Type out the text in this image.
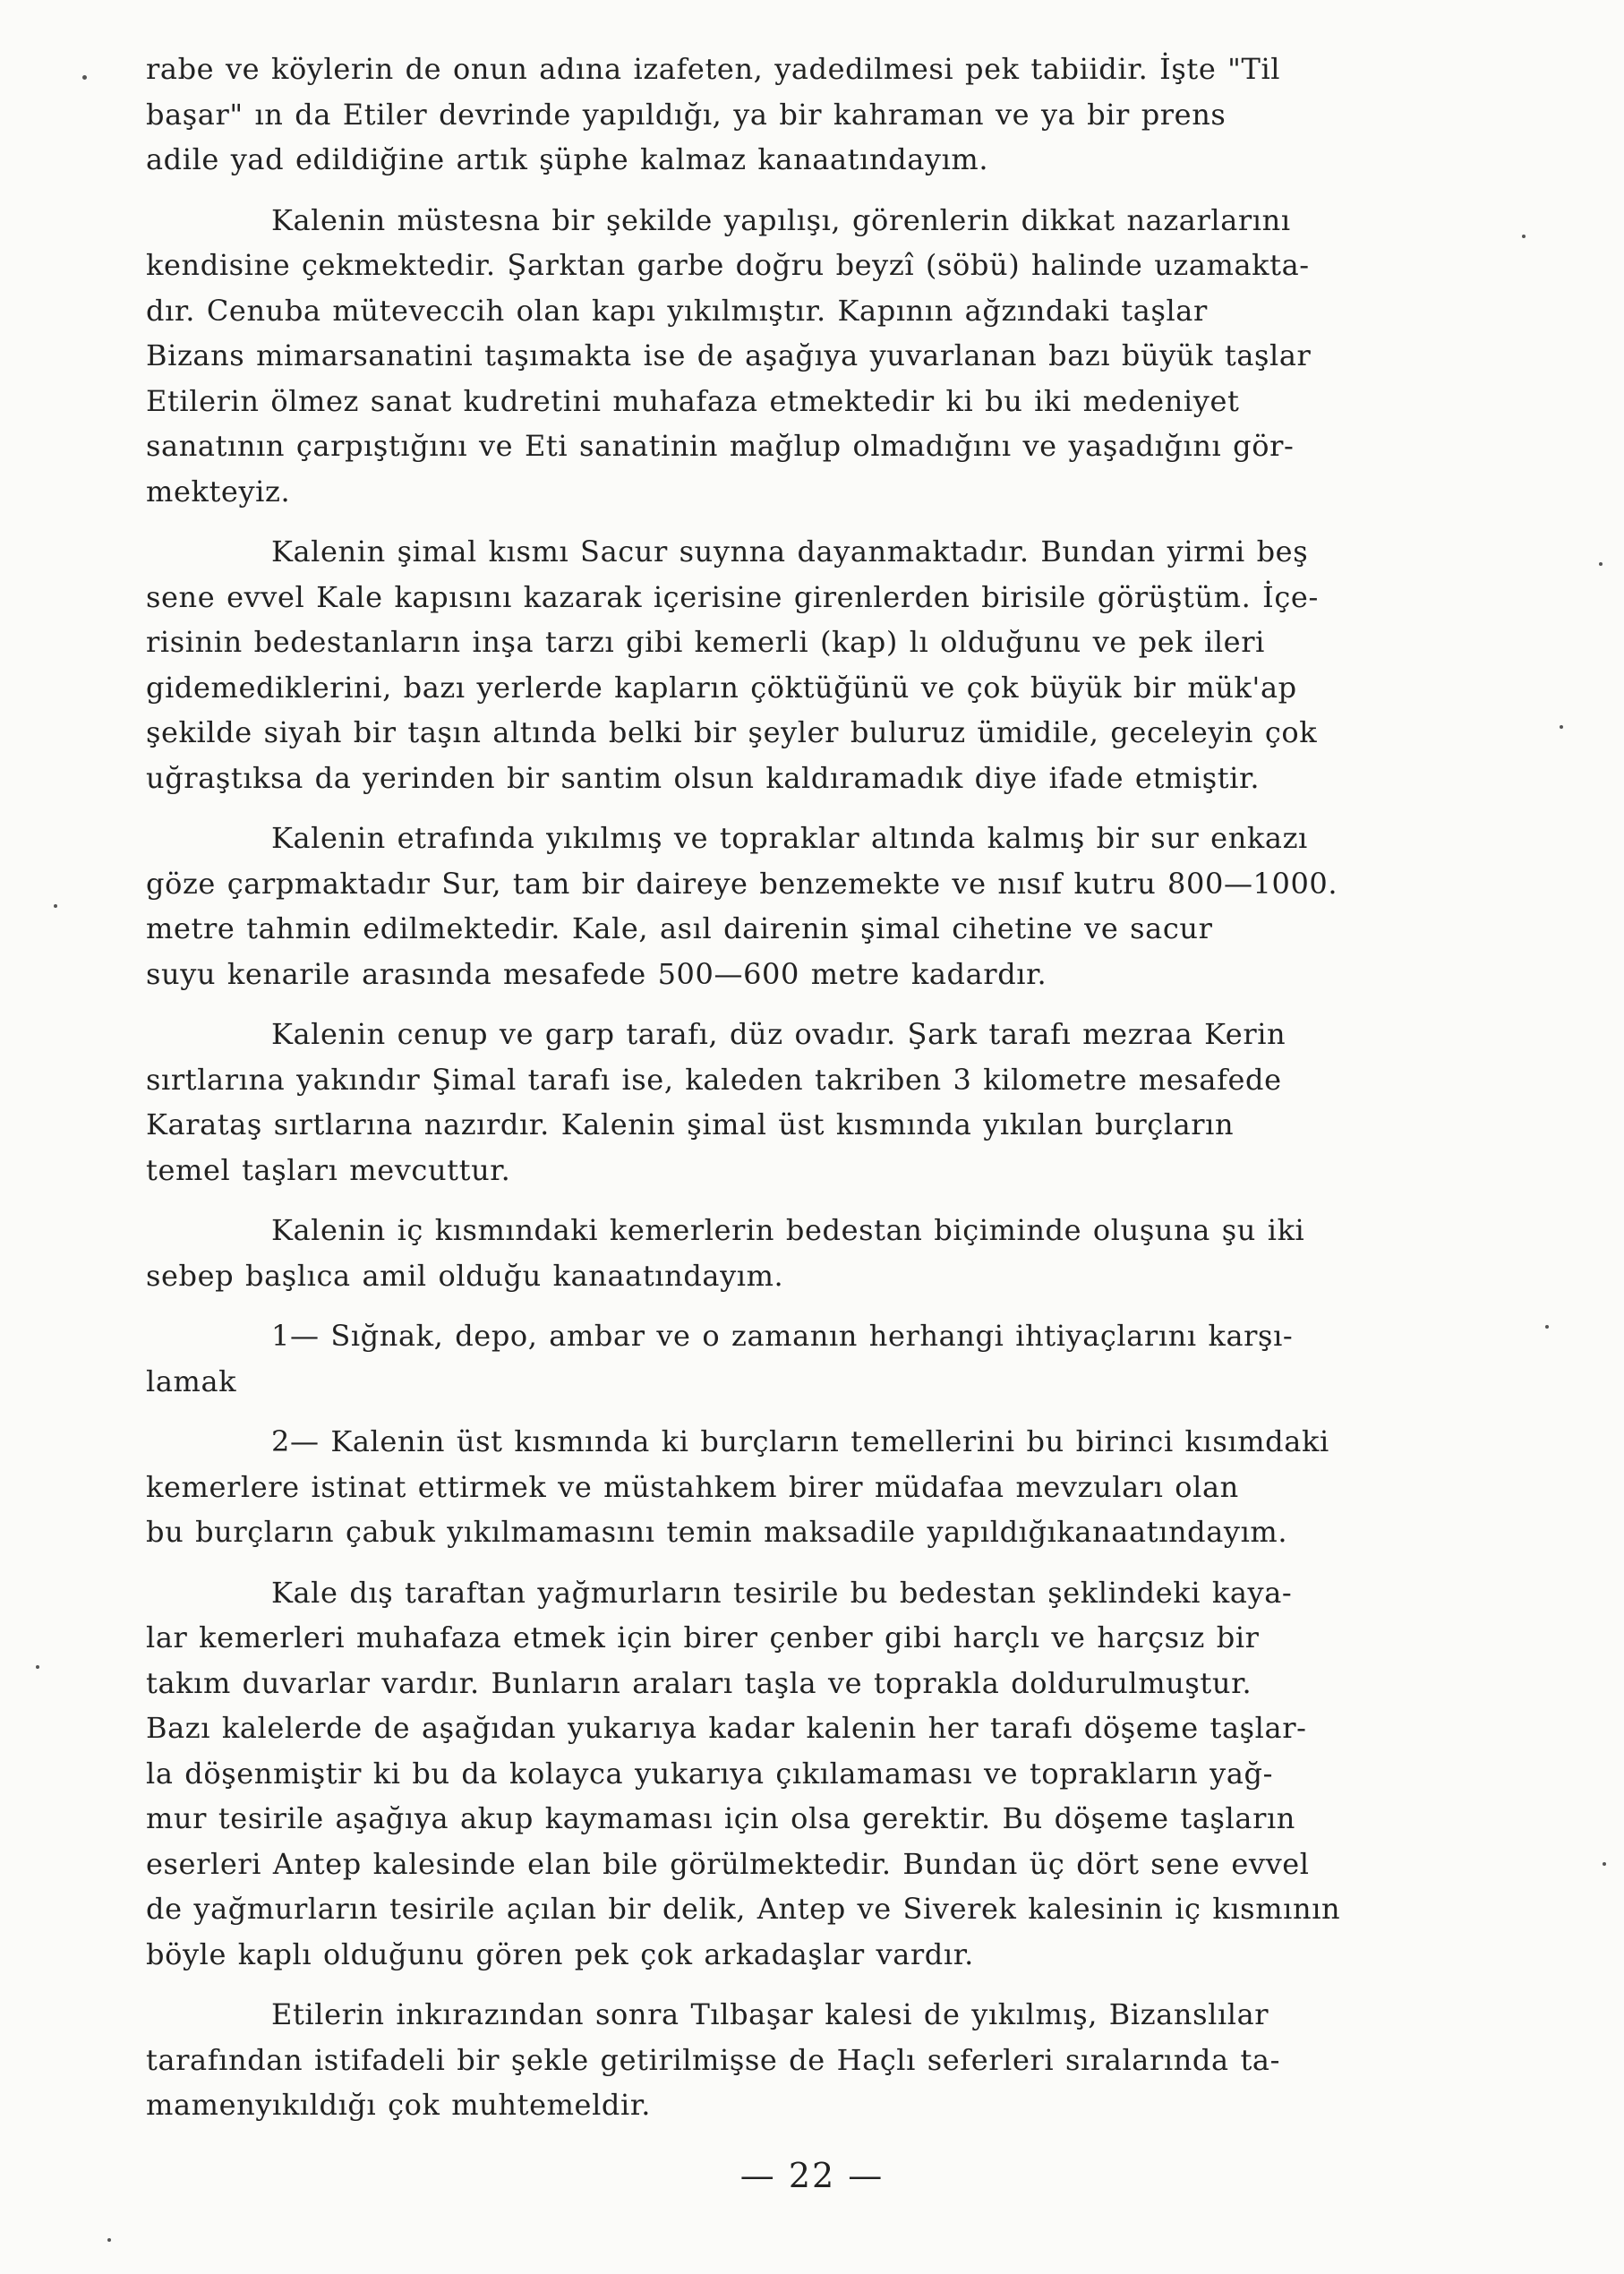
rabe ve köylerin de onun adına izafeten, yadedilmesi pek tabiidir. İşte "Til
başar" ın da Etiler devrinde yapıldığı, ya bir kahraman ve ya bir prens
adile yad edildiğine artık şüphe kalmaz kanaatındayım.

Kalenin müstesna bir şekilde yapılışı, görenlerin dikkat nazarlarını
kendisine çekmektedir. Şarktan garbe doğru beyzî (söbü) halinde uzamakta-
dır. Cenuba müteveccih olan kapı yıkılmıştır. Kapının ağzındaki taşlar
Bizans mimarsanatini taşımakta ise de aşağıya yuvarlanan bazı büyük taşlar
Etilerin ölmez sanat kudretini muhafaza etmektedir ki bu iki medeniyet
sanatının çarpıştığını ve Eti sanatinin mağlup olmadığını ve yaşadığını gör-
mekteyiz.

Kalenin şimal kısmı Sacur suynna dayanmaktadır. Bundan yirmi beş
sene evvel Kale kapısını kazarak içerisine girenlerden birisile görüştüm. İçe-
risinin bedestanların inşa tarzı gibi kemerli (kap) lı olduğunu ve pek ileri
gidemediklerini, bazı yerlerde kapların çöktüğünü ve çok büyük bir mük'ap
şekilde siyah bir taşın altında belki bir şeyler buluruz ümidile, geceleyin çok
uğraştıksa da yerinden bir santim olsun kaldıramadık diye ifade etmiştir.

Kalenin etrafında yıkılmış ve topraklar altında kalmış bir sur enkazı
göze çarpmaktadır Sur, tam bir daireye benzemekte ve nısıf kutru 800—1000.
metre tahmin edilmektedir. Kale, asıl dairenin şimal cihetine ve sacur
suyu kenarile arasında mesafede 500—600 metre kadardır.

Kalenin cenup ve garp tarafı, düz ovadır. Şark tarafı mezraa Kerin
sırtlarına yakındır Şimal tarafı ise, kaleden takriben 3 kilometre mesafede
Karataş sırtlarına nazırdır. Kalenin şimal üst kısmında yıkılan burçların
temel taşları mevcuttur.

Kalenin iç kısmındaki kemerlerin bedestan biçiminde oluşuna şu iki
sebep başlıca amil olduğu kanaatındayım.

1— Sığnak, depo, ambar ve o zamanın herhangi ihtiyaçlarını karşı-
lamak

2— Kalenin üst kısmında ki burçların temellerini bu birinci kısımdaki
kemerlere istinat ettirmek ve müstahkem birer müdafaa mevzuları olan
bu burçların çabuk yıkılmamasını temin maksadile yapıldığıkanaatındayım.

Kale dış taraftan yağmurların tesirile bu bedestan şeklindeki kaya-
lar kemerleri muhafaza etmek için birer çenber gibi harçlı ve harçsız bir
takım duvarlar vardır. Bunların araları taşla ve toprakla doldurulmuştur.
Bazı kalelerde de aşağıdan yukarıya kadar kalenin her tarafı döşeme taşlar-
la döşenmiştir ki bu da kolayca yukarıya çıkılamaması ve toprakların yağ-
mur tesirile aşağıya akup kaymaması için olsa gerektir. Bu döşeme taşların
eserleri Antep kalesinde elan bile görülmektedir. Bundan üç dört sene evvel
de yağmurların tesirile açılan bir delik, Antep ve Siverek kalesinin iç kısmının
böyle kaplı olduğunu gören pek çok arkadaşlar vardır.

Etilerin inkırazından sonra Tılbaşar kalesi de yıkılmış, Bizanslılar
tarafından istifadeli bir şekle getirilmişse de Haçlı seferleri sıralarında ta-
mamenyıkıldığı çok muhtemeldir.

— 22 —
